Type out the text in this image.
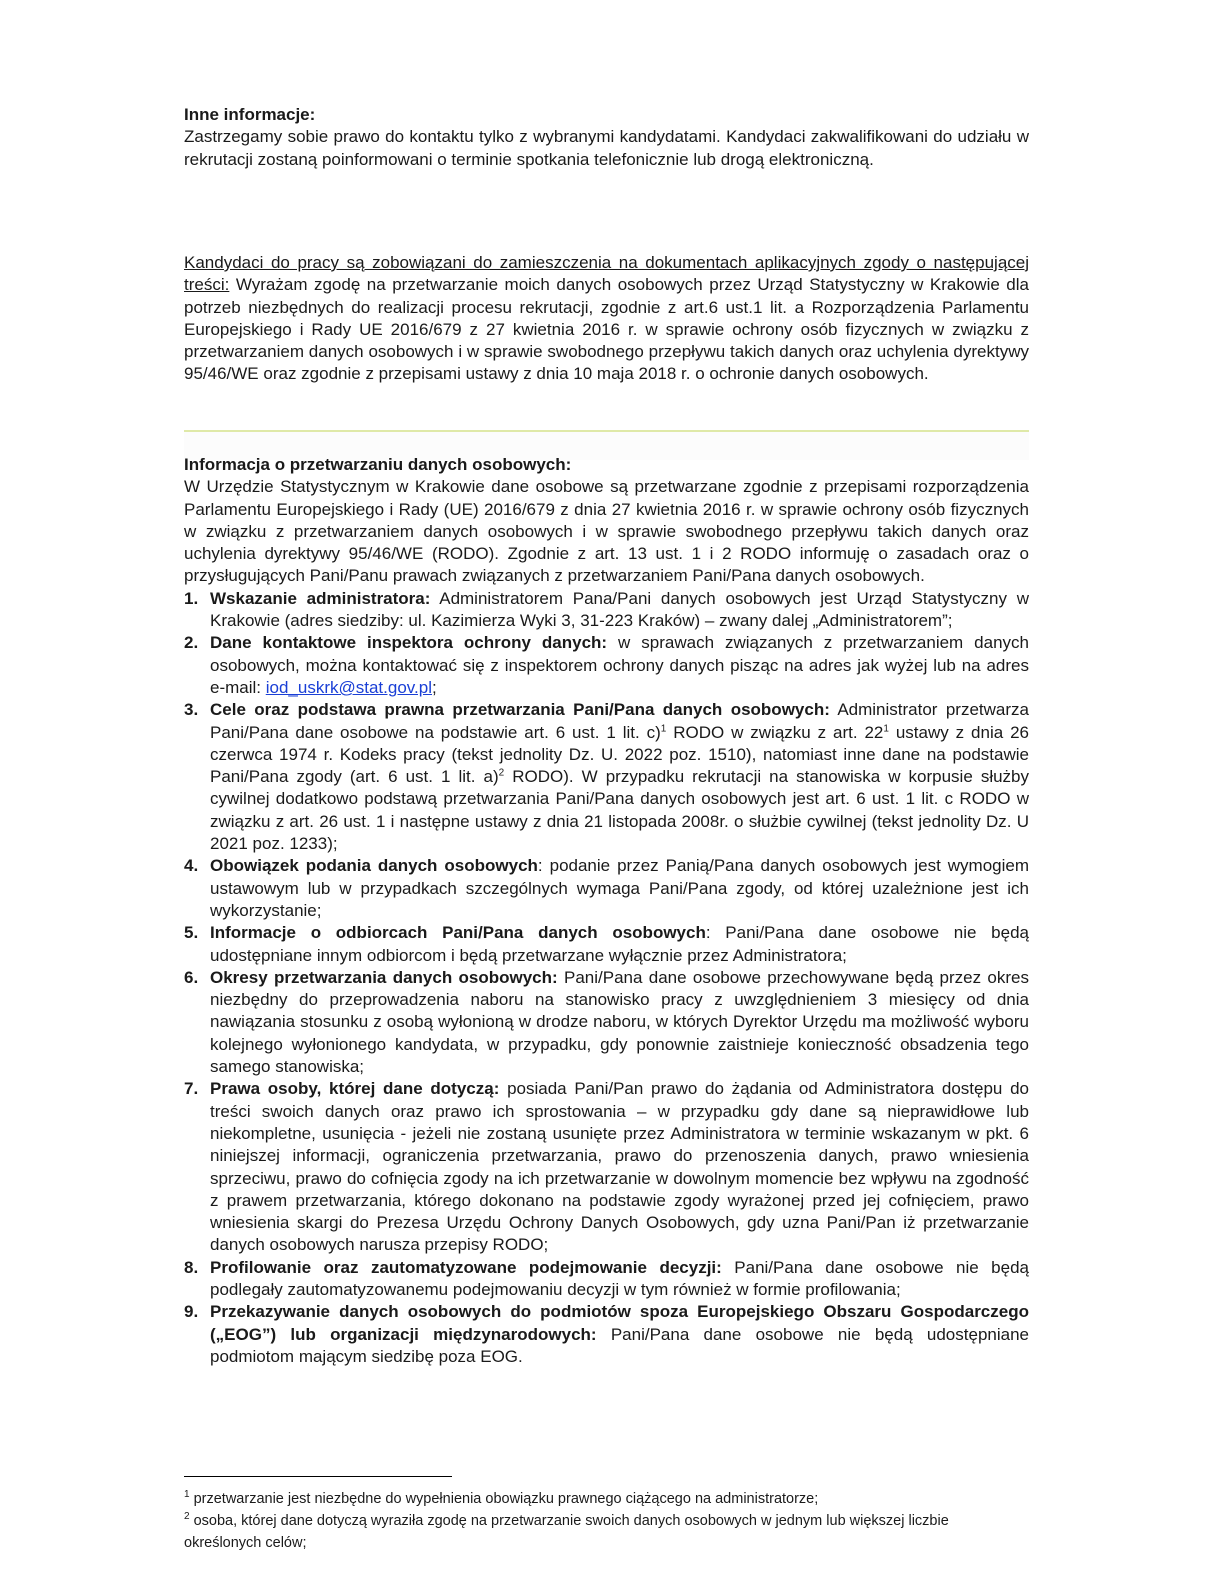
Inne informacje:

Zastrzegamy sobie prawo do kontaktu tylko z wybranymi kandydatami. Kandydaci zakwalifikowani do udziału w rekrutacji zostaną poinformowani o terminie spotkania telefonicznie lub drogą elektroniczną.

Kandydaci do pracy są zobowiązani do zamieszczenia na dokumentach aplikacyjnych zgody o następującej treści: Wyrażam zgodę na przetwarzanie moich danych osobowych przez Urząd Statystyczny w Krakowie dla potrzeb niezbędnych do realizacji procesu rekrutacji, zgodnie z art.6 ust.1 lit. a Rozporządzenia Parlamentu Europejskiego i Rady UE 2016/679 z 27 kwietnia 2016 r. w sprawie ochrony osób fizycznych w związku z przetwarzaniem danych osobowych i w sprawie swobodnego przepływu takich danych oraz uchylenia dyrektywy 95/46/WE oraz zgodnie z przepisami ustawy z dnia 10 maja 2018 r. o ochronie danych osobowych.

Informacja o przetwarzaniu danych osobowych:

W Urzędzie Statystycznym w Krakowie dane osobowe są przetwarzane zgodnie z przepisami rozporządzenia Parlamentu Europejskiego i Rady (UE) 2016/679 z dnia 27 kwietnia 2016 r. w sprawie ochrony osób fizycznych w związku z przetwarzaniem danych osobowych i w sprawie swobodnego przepływu takich danych oraz uchylenia dyrektywy 95/46/WE (RODO). Zgodnie z art. 13 ust. 1 i 2 RODO informuję o zasadach oraz o przysługujących Pani/Panu prawach związanych z przetwarzaniem Pani/Pana danych osobowych.

1. Wskazanie administratora: Administratorem Pana/Pani danych osobowych jest Urząd Statystyczny w Krakowie (adres siedziby: ul. Kazimierza Wyki 3, 31-223 Kraków) – zwany dalej „Administratorem”;
2. Dane kontaktowe inspektora ochrony danych: w sprawach związanych z przetwarzaniem danych osobowych, można kontaktować się z inspektorem ochrony danych pisząc na adres jak wyżej lub na adres e-mail: iod_uskrk@stat.gov.pl;
3. Cele oraz podstawa prawna przetwarzania Pani/Pana danych osobowych: Administrator przetwarza Pani/Pana dane osobowe na podstawie art. 6 ust. 1 lit. c)$^1$ RODO w związku z art. $22^1$ ustawy z dnia 26 czerwca 1974 r. Kodeks pracy (tekst jednolity Dz. U. 2022 poz. 1510), natomiast inne dane na podstawie Pani/Pana zgody (art. 6 ust. 1 lit. a)$^2$ RODO). W przypadku rekrutacji na stanowiska w korpusie służby cywilnej dodatkowo podstawą przetwarzania Pani/Pana danych osobowych jest art. 6 ust. 1 lit. c RODO w związku z art. 26 ust. 1 i następne ustawy z dnia 21 listopada 2008r. o służbie cywilnej (tekst jednolity Dz. U 2021 poz. 1233);
4. Obowiązek podania danych osobowych: podanie przez Panią/Pana danych osobowych jest wymogiem ustawowym lub w przypadkach szczególnych wymaga Pani/Pana zgody, od której uzależnione jest ich wykorzystanie;
5. Informacje o odbiorcach Pani/Pana danych osobowych: Pani/Pana dane osobowe nie będą udostępniane innym odbiorcom i będą przetwarzane wyłącznie przez Administratora;
6. Okresy przetwarzania danych osobowych: Pani/Pana dane osobowe przechowywane będą przez okres niezbędny do przeprowadzenia naboru na stanowisko pracy z uwzględnieniem 3 miesięcy od dnia nawiązania stosunku z osobą wyłonioną w drodze naboru, w których Dyrektor Urzędu ma możliwość wyboru kolejnego wyłonionego kandydata, w przypadku, gdy ponownie zaistnieje konieczność obsadzenia tego samego stanowiska;
7. Prawa osoby, której dane dotyczą: posiada Pani/Pan prawo do żądania od Administratora dostępu do treści swoich danych oraz prawo ich sprostowania – w przypadku gdy dane są nieprawidłowe lub niekompletne, usunięcia - jeżeli nie zostaną usunięte przez Administratora w terminie wskazanym w pkt. 6 niniejszej informacji, ograniczenia przetwarzania, prawo do przenoszenia danych, prawo wniesienia sprzeciwu, prawo do cofnięcia zgody na ich przetwarzanie w dowolnym momencie bez wpływu na zgodność z prawem przetwarzania, którego dokonano na podstawie zgody wyrażonej przed jej cofnięciem, prawo wniesienia skargi do Prezesa Urzędu Ochrony Danych Osobowych, gdy uzna Pani/Pan iż przetwarzanie danych osobowych narusza przepisy RODO;
8. Profilowanie oraz zautomatyzowane podejmowanie decyzji: Pani/Pana dane osobowe nie będą podlegały zautomatyzowanemu podejmowaniu decyzji w tym również w formie profilowania;
9. Przekazywanie danych osobowych do podmiotów spoza Europejskiego Obszaru Gospodarczego („EOG”) lub organizacji międzynarodowych: Pani/Pana dane osobowe nie będą udostępniane podmiotom mającym siedzibę poza EOG.

$^1$ przetwarzanie jest niezbędne do wypełnienia obowiązku prawnego ciążącego na administratorze;

$^2$ osoba, której dane dotyczą wyraziła zgodę na przetwarzanie swoich danych osobowych w jednym lub większej liczbie określonych celów;
